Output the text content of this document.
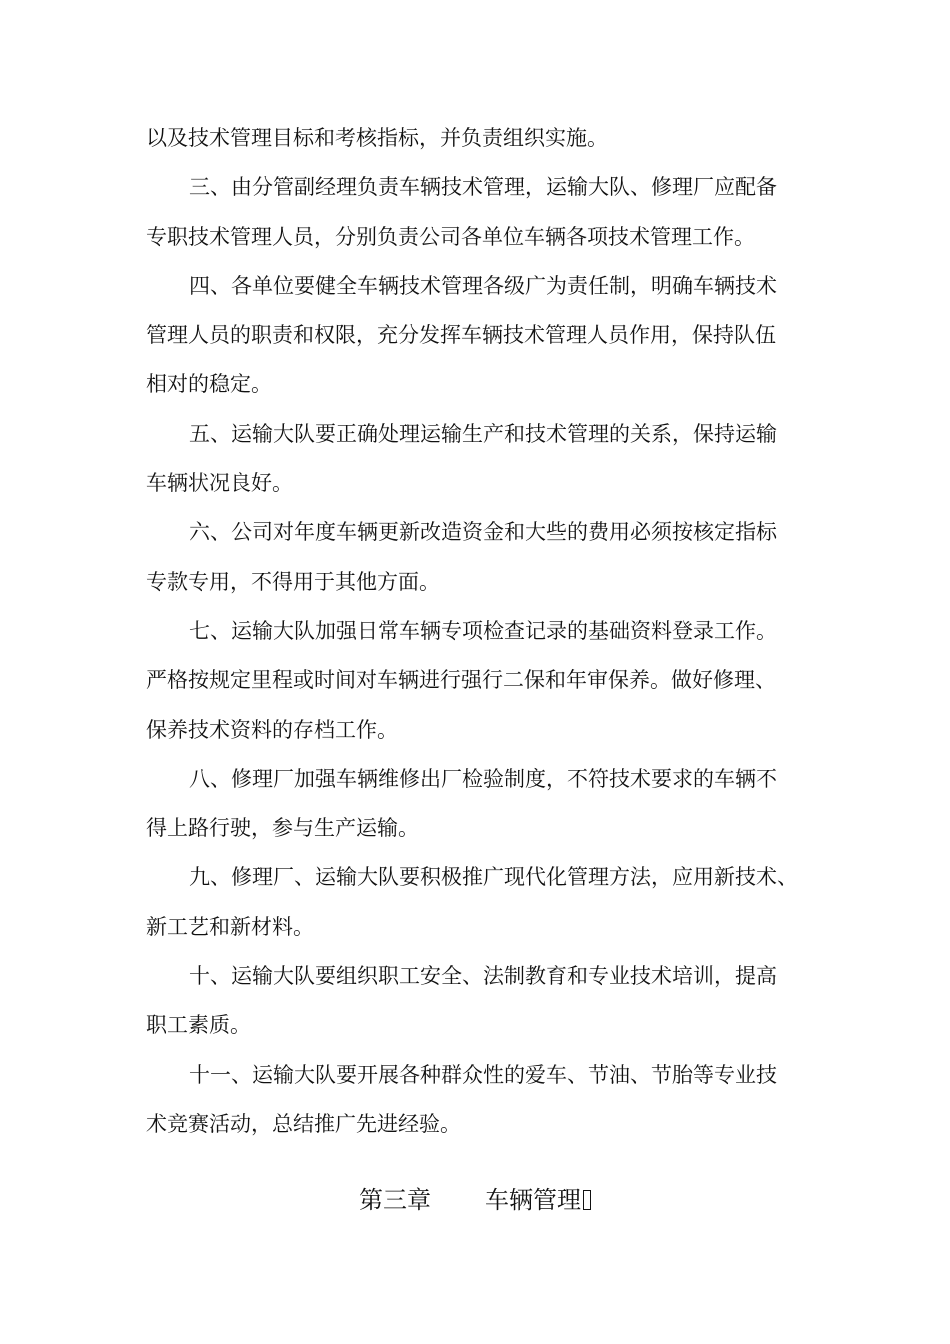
以及技术管理目标和考核指标，并负责组织实施。
三、由分管副经理负责车辆技术管理，运输大队、修理厂应配备
专职技术管理人员，分别负责公司各单位车辆各项技术管理工作。
四、各单位要健全车辆技术管理各级广为责任制，明确车辆技术
管理人员的职责和权限，充分发挥车辆技术管理人员作用，保持队伍
相对的稳定。
五、运输大队要正确处理运输生产和技术管理的关系，保持运输
车辆状况良好。
六、公司对年度车辆更新改造资金和大些的费用必须按核定指标
专款专用，不得用于其他方面。
七、运输大队加强日常车辆专项检查记录的基础资料登录工作。
严格按规定里程或时间对车辆进行强行二保和年审保养。做好修理、
保养技术资料的存档工作。
八、修理厂加强车辆维修出厂检验制度，不符技术要求的车辆不
得上路行驶，参与生产运输。
九、修理厂、运输大队要积极推广现代化管理方法，应用新技术、
新工艺和新材料。
十、运输大队要组织职工安全、法制教育和专业技术培训，提高
职工素质。
十一、运输大队要开展各种群众性的爱车、节油、节胎等专业技
术竞赛活动，总结推广先进经验。
第三章 车辆管理
